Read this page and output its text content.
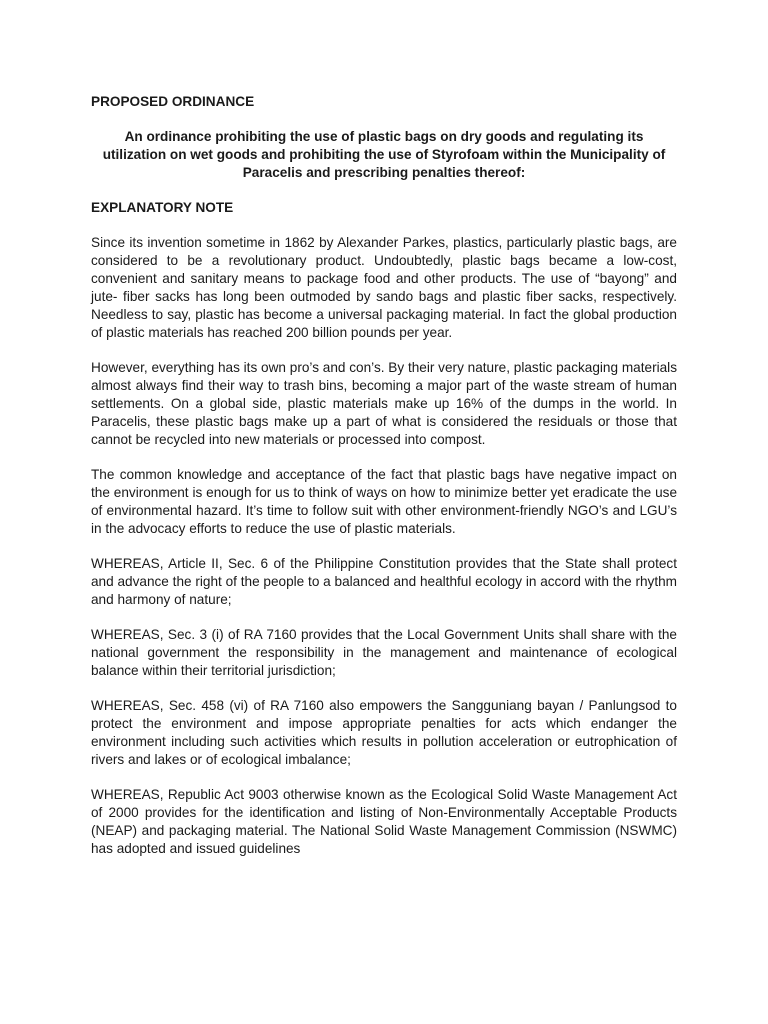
PROPOSED ORDINANCE

An ordinance prohibiting the use of plastic bags on dry goods and regulating its utilization on wet goods and prohibiting the use of Styrofoam within the Municipality of Paracelis and prescribing penalties thereof:

EXPLANATORY NOTE

Since its invention sometime in 1862 by Alexander Parkes, plastics, particularly plastic bags, are considered to be a revolutionary product. Undoubtedly, plastic bags became a low-cost, convenient and sanitary means to package food and other products. The use of “bayong” and jute- fiber sacks has long been outmoded by sando bags and plastic fiber sacks, respectively. Needless to say, plastic has become a universal packaging material. In fact the global production of plastic materials has reached 200 billion pounds per year.

However, everything has its own pro’s and con’s. By their very nature, plastic packaging materials almost always find their way to trash bins, becoming a major part of the waste stream of human settlements. On a global side, plastic materials make up 16% of the dumps in the world. In Paracelis, these plastic bags make up a part of what is considered the residuals or those that cannot be recycled into new materials or processed into compost.

The common knowledge and acceptance of the fact that plastic bags have negative impact on the environment is enough for us to think of ways on how to minimize better yet eradicate the use of environmental hazard. It’s time to follow suit with other environment-friendly NGO’s and LGU’s in the advocacy efforts to reduce the use of plastic materials.

WHEREAS, Article II, Sec. 6 of the Philippine Constitution provides that the State shall protect and advance the right of the people to a balanced and healthful ecology in accord with the rhythm and harmony of nature;

WHEREAS, Sec. 3 (i) of RA 7160 provides that the Local Government Units shall share with the national government the responsibility in the management and maintenance of ecological balance within their territorial jurisdiction;

WHEREAS, Sec. 458 (vi) of RA 7160 also empowers the Sangguniang bayan / Panlungsod to protect the environment and impose appropriate penalties for acts which endanger the environment including such activities which results in pollution acceleration or eutrophication of rivers and lakes or of ecological imbalance;

WHEREAS, Republic Act 9003 otherwise known as the Ecological Solid Waste Management Act of 2000 provides for the identification and listing of Non-Environmentally Acceptable Products (NEAP) and packaging material. The National Solid Waste Management Commission (NSWMC) has adopted and issued guidelines
